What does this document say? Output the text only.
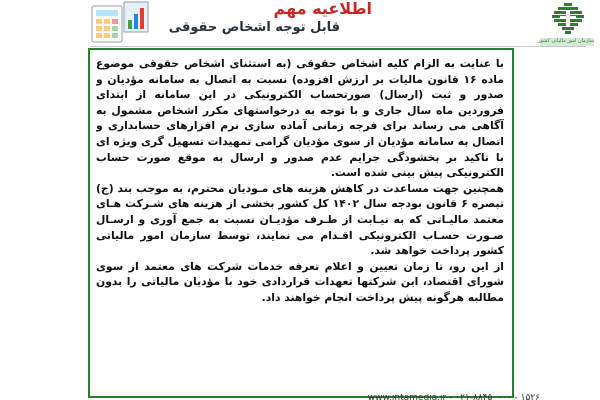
سازمان امور مالیاتی کشور
اطلاعیه مهم
قابل توجه اشخاص حقوقی

با عنایت به الزام کلیه اشخاص حقوقی (به استثنای اشخاص حقوقی موضوع ماده ۱۶ قانون مالیات بر ارزش افزوده) نسبت به اتصال به سامانه مؤدیان و صدور و ثبت (ارسال) صورتحساب الکترونیکی در این سامانه از ابتدای فروردین ماه سال جاری و با توجه به درخواستهای مکرر اشخاص مشمول به آگاهی می رساند برای فرجه زمانی آماده سازی نرم افزارهای حسابداری و اتصال به سامانه مؤدیان از سوی مؤدیان گرامی تمهیدات تسهیل گری ویژه ای با تاکید بر بخشودگی جرایم عدم صدور و ارسال به موقع صورت حساب الکترونیکی پیش بینی شده است.

همچنین جهت مساعدت در کاهش هزینه های مـودیان محترم، به موجب بند (ج) تبصره ۶ قانون بودجه سال ۱۴۰۲ کل کشور بخشی از هزینه های شـرکت هـای معتمد مالیـاتی که به نیـابت از طـرف مؤدیـان نسبت به جمع آوری و ارسـال صـورت حسـاب الکترونیکی اقـدام می نمایند، توسط سازمان امور مالیاتی کشور پرداخت خواهد شد.

از این رو، تا زمان تعیین و اعلام تعرفه خدمات شرکت های معتمد از سوی شورای اقتصاد، این شرکتها تعهدات قراردادی خود با مؤدیان مالیاتی را بدون مطالبه هرگونه پیش پرداخت انجام خواهند داد.

۱۵۲۶ - ۰۲۱-۸۸۴۵۰۰۰۰ - www.intamedia.ir
